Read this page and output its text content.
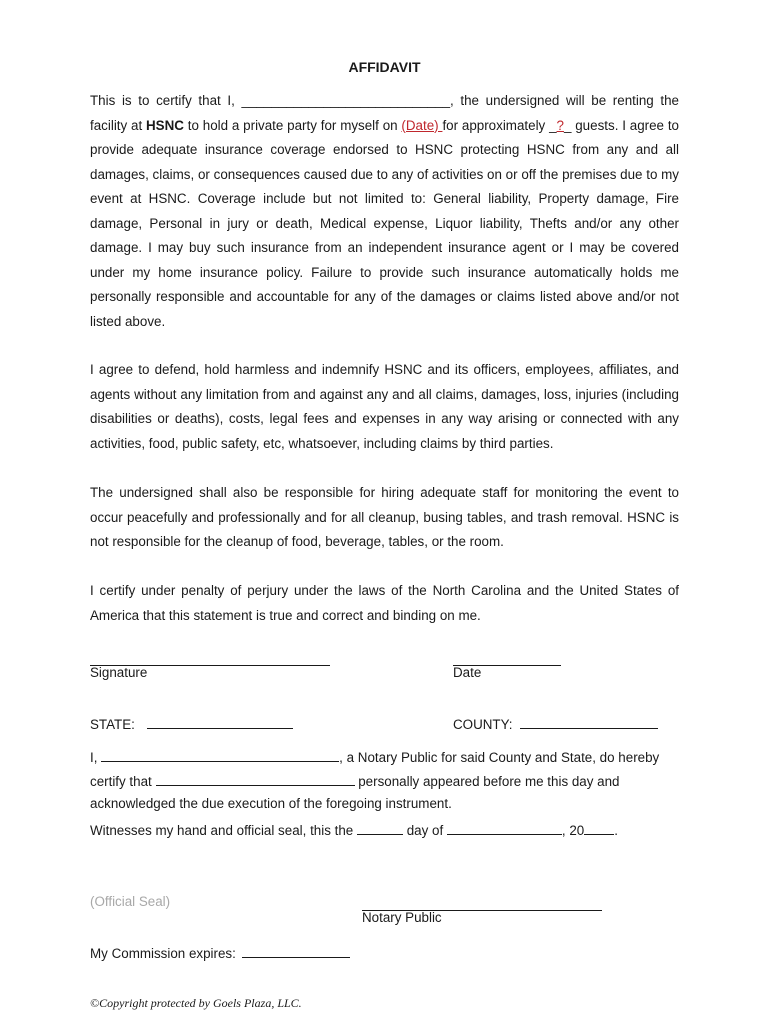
AFFIDAVIT

This is to certify that I, ____________________________, the undersigned will be renting the facility at HSNC to hold a private party for myself on (Date) for approximately _?_ guests. I agree to provide adequate insurance coverage endorsed to HSNC protecting HSNC from any and all damages, claims, or consequences caused due to any of activities on or off the premises due to my event at HSNC. Coverage include but not limited to: General liability, Property damage, Fire damage, Personal in jury or death, Medical expense, Liquor liability, Thefts and/or any other damage. I may buy such insurance from an independent insurance agent or I may be covered under my home insurance policy. Failure to provide such insurance automatically holds me personally responsible and accountable for any of the damages or claims listed above and/or not listed above.

I agree to defend, hold harmless and indemnify HSNC and its officers, employees, affiliates, and agents without any limitation from and against any and all claims, damages, loss, injuries (including disabilities or deaths), costs, legal fees and expenses in any way arising or connected with any activities, food, public safety, etc, whatsoever, including claims by third parties.

The undersigned shall also be responsible for hiring adequate staff for monitoring the event to occur peacefully and professionally and for all cleanup, busing tables, and trash removal. HSNC is not responsible for the cleanup of food, beverage, tables, or the room.

I certify under penalty of perjury under the laws of the North Carolina and the United States of America that this statement is true and correct and binding on me.

Signature	Date
STATE:	COUNTY:
I,	, a Notary Public for said County and State, do hereby
certify that	personally appeared before me this day and
acknowledged the due execution of the foregoing instrument.
Witnesses my hand and official seal, this the	day of	, 20 .
(Official Seal)
Notary Public
My Commission expires:
©Copyright protected by Goels Plaza, LLC.
